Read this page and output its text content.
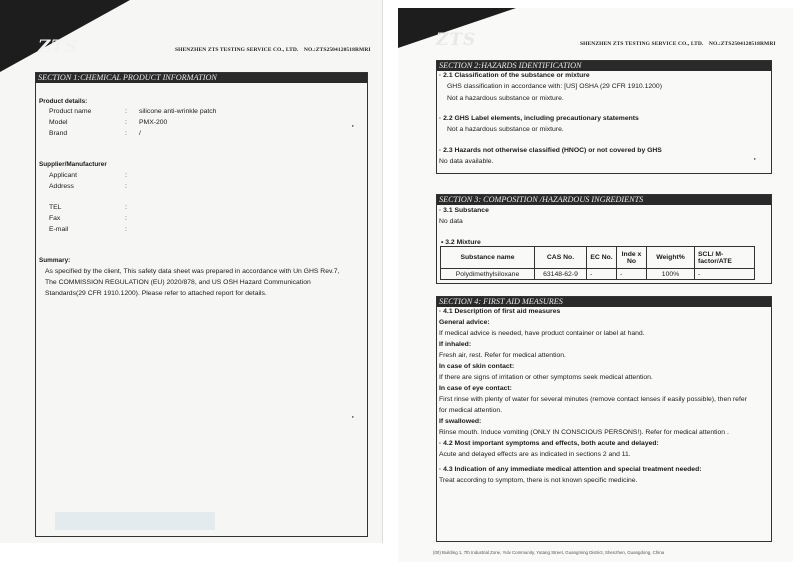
ZTS	SHENZHEN ZTS TESTING SERVICE CO., LTD. NO.:ZTS2504120518RMRI
SECTION 1:CHEMICAL PRODUCT INFORMATION
Product details:
Product name	: silicone anti-wrinkle patch
Model	: PMX-200
Brand	: /
Supplier/Manufacturer
Applicant	:
Address	:
TEL	:
Fax	:
E-mail	:
Summary:
As specified by the client, This safety data sheet was prepared in accordance with Un GHS Rev.7,
The COMMISSION REGULATION (EU) 2020/878, and US OSH Hazard Communication
Standards(29 CFR 1910.1200). Please refer to attached report for details.
'
'
ZTS	SHENZHEN ZTS TESTING SERVICE CO., LTD. NO.:ZTS2504120518RMRI
SECTION 2:HAZARDS IDENTIFICATION
· 2.1 Classification of the substance or mixture
GHS classification in accordance with: [US] OSHA (29 CFR 1910.1200)
Not a hazardous substance or mixture.
· 2.2 GHS Label elements, including precautionary statements
Not a hazardous substance or mixture.
· 2.3 Hazards not otherwise classified (HNOC) or not covered by GHS
No data available.
SECTION 3: COMPOSITION /HAZARDOUS INGREDIENTS
· 3.1 Substance
No data
• 3.2 Mixture
Substance name	CAS No.	EC No.	Inde x No	Weight%	SCL/ M-factor/ATE
Polydimethylsiloxane	63148-62-9	-	-	100%	-
SECTION 4: FIRST AID MEASURES
· 4.1 Description of first aid measures
General advice:
If medical advice is needed, have product container or label at hand.
If inhaled:
Fresh air, rest. Refer for medical attention.
In case of skin contact:
If there are signs of irritation or other symptoms seek medical attention.
In case of eye contact:
First rinse with plenty of water for several minutes (remove contact lenses if easily possible), then refer
for medical attention.
If swallowed:
Rinse mouth. Induce vomiting (ONLY IN CONSCIOUS PERSONS!). Refer for medical attention .
· 4.2 Most important symptoms and effects, both acute and delayed:
Acute and delayed effects are as indicated in sections 2 and 11.
· 4.3 Indication of any immediate medical attention and special treatment needed:
Treat according to symptom, there is not known specific medicine.
'
(00) Building 1, 7th Industrial Zone, Yulv Community, Yutang Street, Guangming District, Shenzhen, Guangdong, China
